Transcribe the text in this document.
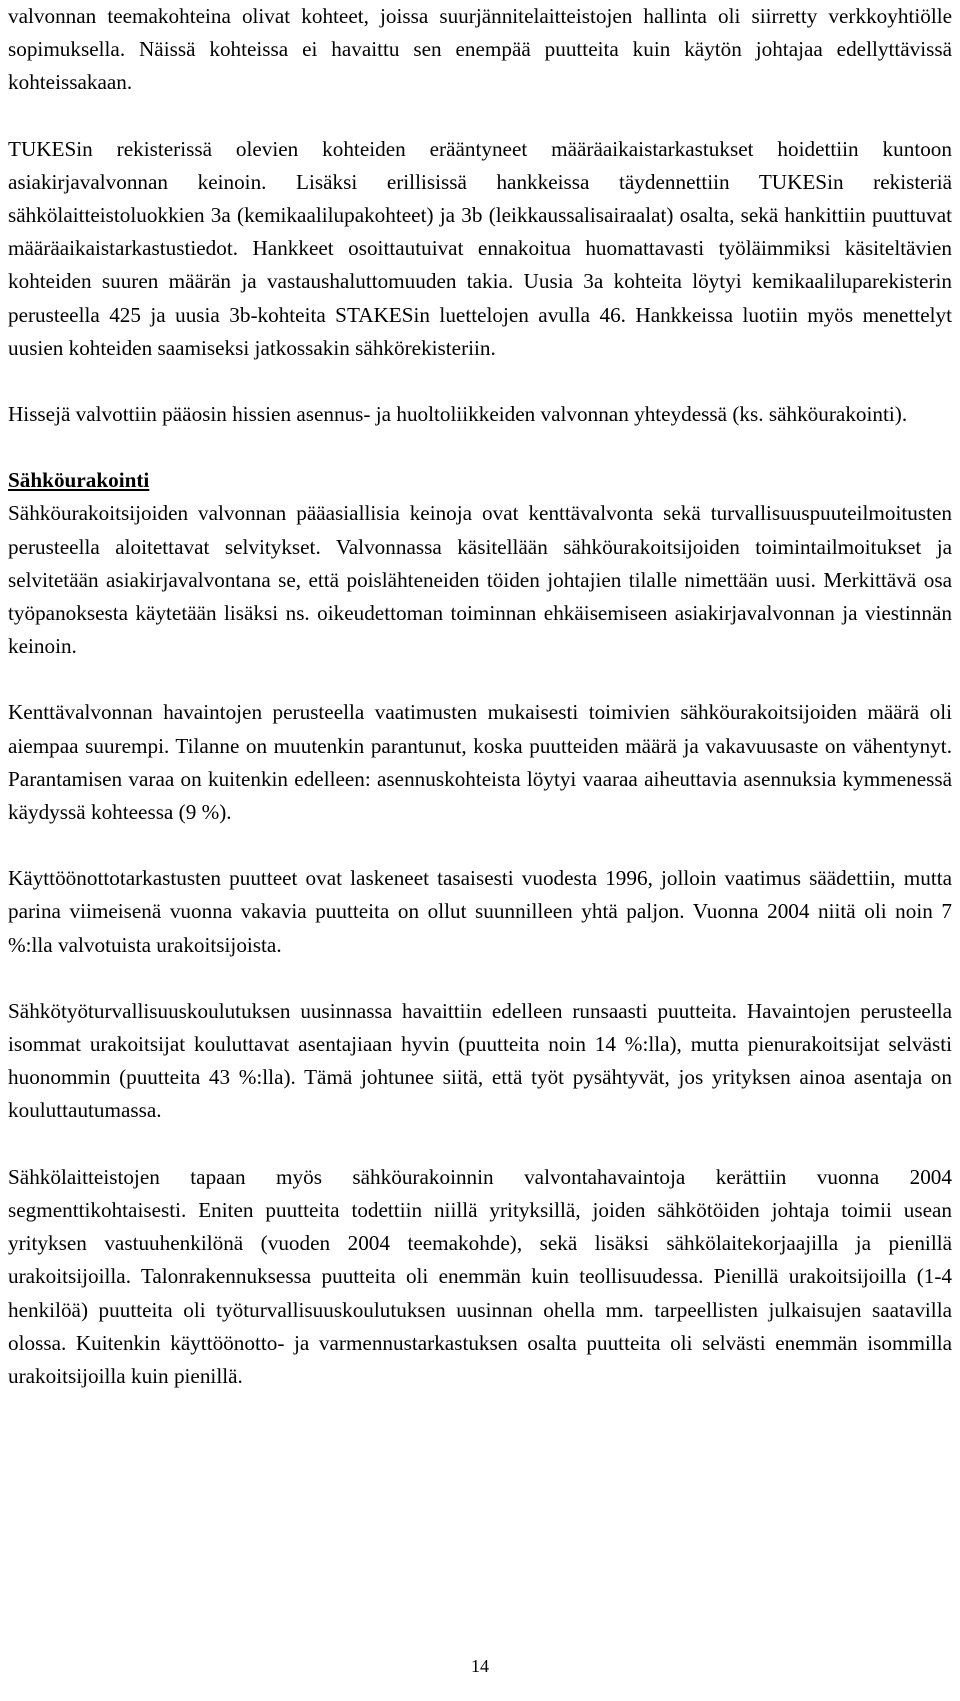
valvonnan teemakohteina olivat kohteet, joissa suurjännitelaitteistojen hallinta oli siirretty verkkoyhtiölle sopimuksella. Näissä kohteissa ei havaittu sen enempää puutteita kuin käytön johtajaa edellyttävissä kohteissakaan.

TUKESin rekisterissä olevien kohteiden erääntyneet määräaikaistarkastukset hoidettiin kuntoon asiakirjavalvonnan keinoin. Lisäksi erillisissä hankkeissa täydennettiin TUKESin rekisteriä sähkölaitteistoluokkien 3a (kemikaalilupakohteet) ja 3b (leikkaussalisairaalat) osalta, sekä hankittiin puuttuvat määräaikaistarkastustiedot. Hankkeet osoittautuivat ennakoitua huomattavasti työläimmiksi käsiteltävien kohteiden suuren määrän ja vastaushaluttomuuden takia. Uusia 3a kohteita löytyi kemikaaliluparekisterin perusteella 425 ja uusia 3b-kohteita STAKESin luettelojen avulla 46. Hankkeissa luotiin myös menettelyt uusien kohteiden saamiseksi jatkossakin sähkörekisteriin.

Hissejä valvottiin pääosin hissien asennus- ja huoltoliikkeiden valvonnan yhteydessä (ks. sähköurakointi).

Sähköurakointi

Sähköurakoitsijoiden valvonnan pääasiallisia keinoja ovat kenttävalvonta sekä turvallisuuspuuteilmoitusten perusteella aloitettavat selvitykset. Valvonnassa käsitellään sähköurakoitsijoiden toimintailmoitukset ja selvitetään asiakirjavalvontana se, että poislähteneiden töiden johtajien tilalle nimettään uusi. Merkittävä osa työpanoksesta käytetään lisäksi ns. oikeudettoman toiminnan ehkäisemiseen asiakirjavalvonnan ja viestinnän keinoin.

Kenttävalvonnan havaintojen perusteella vaatimusten mukaisesti toimivien sähköurakoitsijoiden määrä oli aiempaa suurempi. Tilanne on muutenkin parantunut, koska puutteiden määrä ja vakavuusaste on vähentynyt. Parantamisen varaa on kuitenkin edelleen: asennuskohteista löytyi vaaraa aiheuttavia asennuksia kymmenessä käydyssä kohteessa (9 %).

Käyttöönottotarkastusten puutteet ovat laskeneet tasaisesti vuodesta 1996, jolloin vaatimus säädettiin, mutta parina viimeisenä vuonna vakavia puutteita on ollut suunnilleen yhtä paljon. Vuonna 2004 niitä oli noin 7 %:lla valvotuista urakoitsijoista.

Sähkötyöturvallisuuskoulutuksen uusinnassa havaittiin edelleen runsaasti puutteita. Havaintojen perusteella isommat urakoitsijat kouluttavat asentajiaan hyvin (puutteita noin 14 %:lla), mutta pienurakoitsijat selvästi huonommin (puutteita 43 %:lla). Tämä johtunee siitä, että työt pysähtyvät, jos yrityksen ainoa asentaja on kouluttautumassa.

Sähkölaitteistojen tapaan myös sähköurakoinnin valvontahavaintoja kerättiin vuonna 2004 segmenttikohtaisesti. Eniten puutteita todettiin niillä yrityksillä, joiden sähkötöiden johtaja toimii usean yrityksen vastuuhenkilönä (vuoden 2004 teemakohde), sekä lisäksi sähkölaitekorjaajilla ja pienillä urakoitsijoilla. Talonrakennuksessa puutteita oli enemmän kuin teollisuudessa. Pienillä urakoitsijoilla (1-4 henkilöä) puutteita oli työturvallisuuskoulutuksen uusinnan ohella mm. tarpeellisten julkaisujen saatavilla olossa. Kuitenkin käyttöönotto- ja varmennustarkastuksen osalta puutteita oli selvästi enemmän isommilla urakoitsijoilla kuin pienillä.

14
